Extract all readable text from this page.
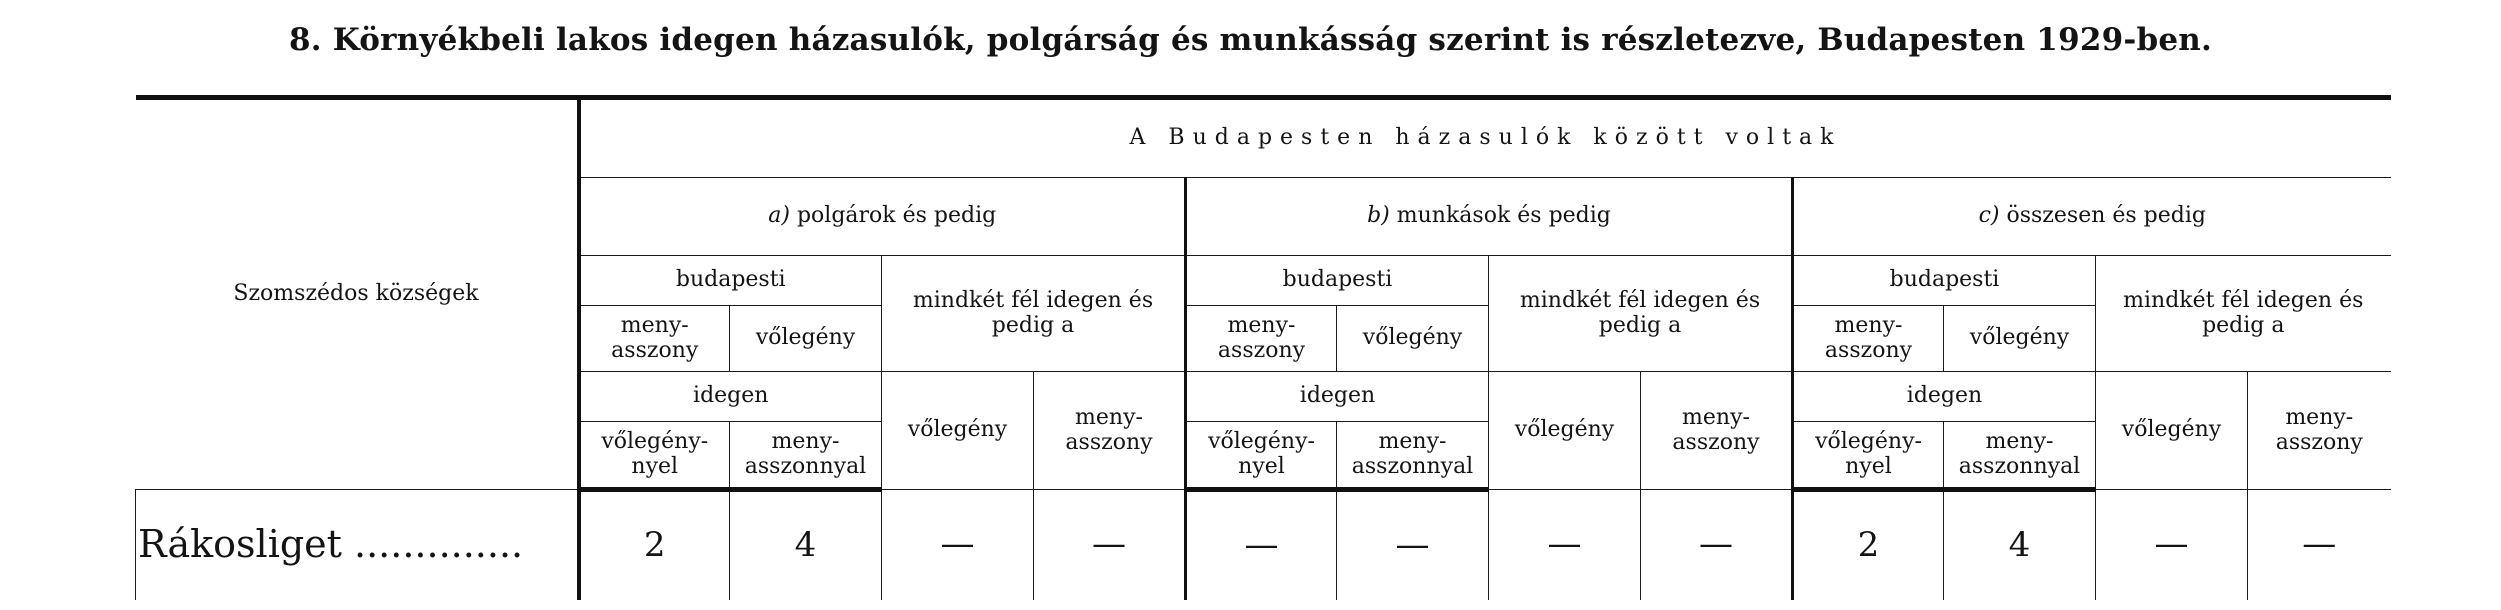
8. Környékbeli lakos idegen házasulók, polgárság és munkásság szerint is részletezve, Budapesten 1929-ben.
Szomszédos községek	A Budapesten házasulók között voltak											
	a) polgárok és pedig				b) munkások és pedig				c) összesen és pedig			
	budapesti		mindkét fél idegen és pedig a		budapesti		mindkét fél idegen és pedig a		budapesti		mindkét fél idegen és pedig a	
	meny- asszony	vőlegény			meny- asszony	vőlegény			meny- asszony	vőlegény		
	idegen		vőlegény	meny- asszony	idegen		vőlegény	meny- asszony	idegen		vőlegény	meny- asszony
	vőlegény- nyel	meny- asszonnyal			vőlegény- nyel	meny- asszonnyal			vőlegény- nyel	meny- asszonnyal		
Rákosliget ..............	2	4	—	—	—	—	—	—	2	4	—	—
